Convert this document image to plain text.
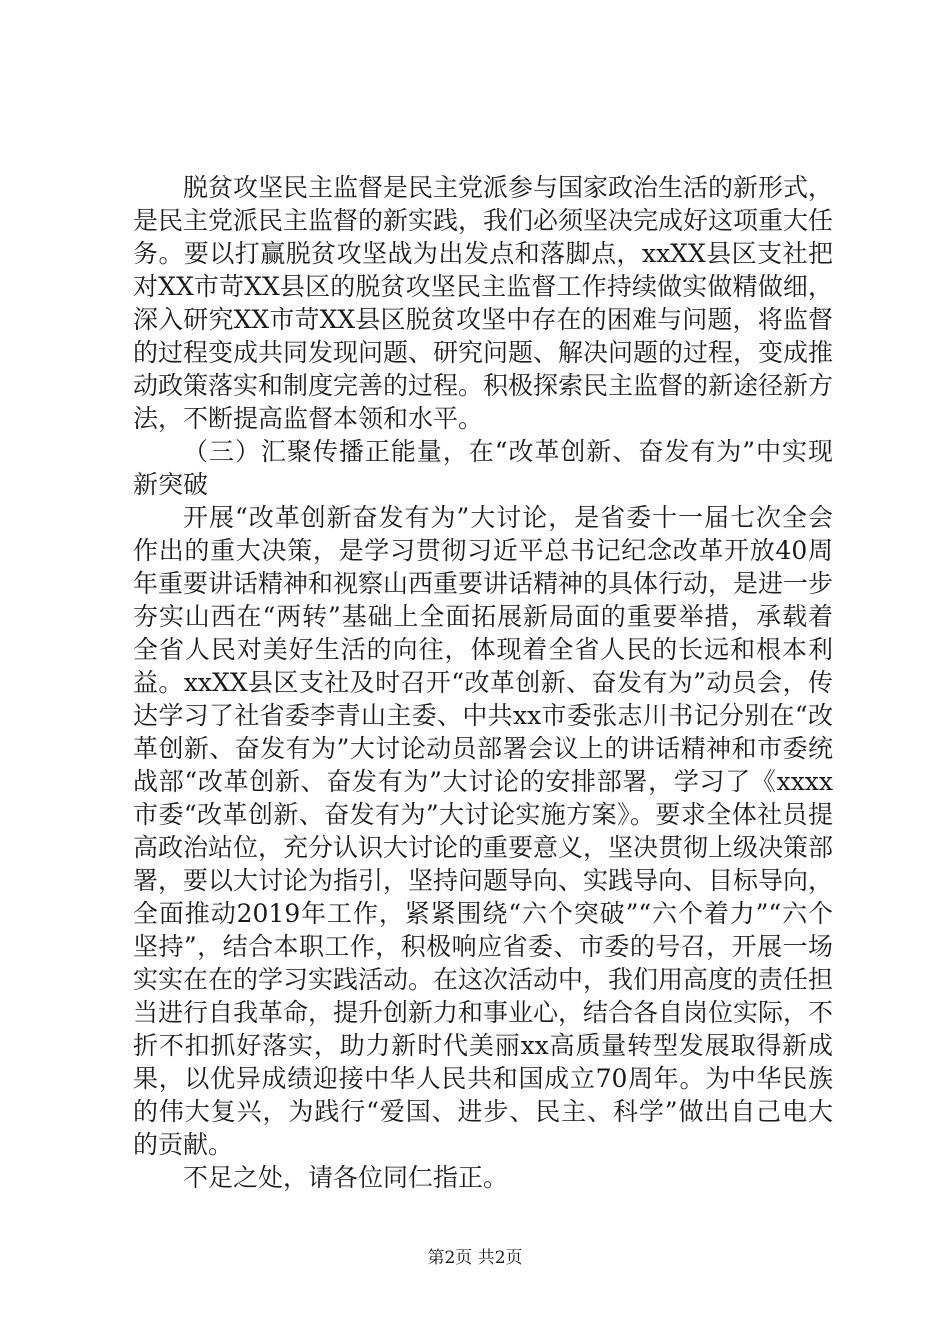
脱贫攻坚民主监督是民主党派参与国家政治生活的新形式，是民主党派民主监督的新实践，我们必须坚决完成好这项重大任务。要以打赢脱贫攻坚战为出发点和落脚点，xxXX县区支社把对XX市苛XX县区的脱贫攻坚民主监督工作持续做实做精做细，深入研究XX市苛XX县区脱贫攻坚中存在的困难与问题，将监督的过程变成共同发现问题、研究问题、解决问题的过程，变成推动政策落实和制度完善的过程。积极探索民主监督的新途径新方法，不断提高监督本领和水平。

（三）汇聚传播正能量，在“改革创新、奋发有为”中实现新突破

开展“改革创新奋发有为”大讨论，是省委十一届七次全会作出的重大决策，是学习贯彻习近平总书记纪念改革开放40周年重要讲话精神和视察山西重要讲话精神的具体行动，是进一步夯实山西在“两转”基础上全面拓展新局面的重要举措，承载着全省人民对美好生活的向往，体现着全省人民的长远和根本利益。xxXX县区支社及时召开“改革创新、奋发有为”动员会，传达学习了社省委李青山主委、中共xx市委张志川书记分别在“改革创新、奋发有为”大讨论动员部署会议上的讲话精神和市委统战部“改革创新、奋发有为”大讨论的安排部署，学习了《xxxx市委“改革创新、奋发有为”大讨论实施方案》。要求全体社员提高政治站位，充分认识大讨论的重要意义，坚决贯彻上级决策部署，要以大讨论为指引，坚持问题导向、实践导向、目标导向，全面推动2019年工作，紧紧围绕“六个突破”“六个着力”“六个坚持”，结合本职工作，积极响应省委、市委的号召，开展一场实实在在的学习实践活动。在这次活动中，我们用高度的责任担当进行自我革命，提升创新力和事业心，结合各自岗位实际，不折不扣抓好落实，助力新时代美丽xx高质量转型发展取得新成果，以优异成绩迎接中华人民共和国成立70周年。为中华民族的伟大复兴，为践行“爱国、进步、民主、科学”做出自己电大的贡献。

不足之处，请各位同仁指正。

第2页 共2页
